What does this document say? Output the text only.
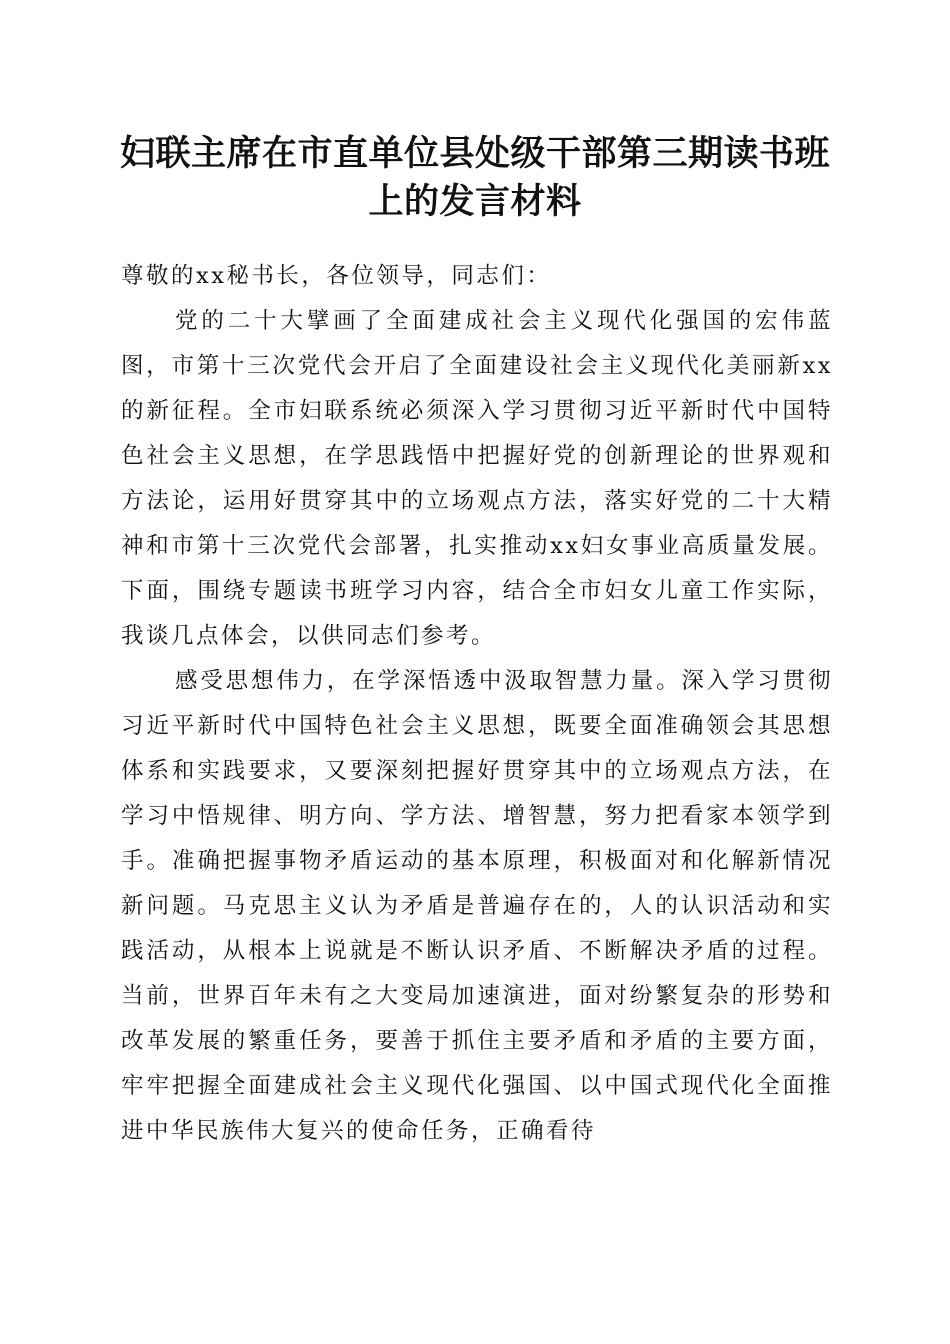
妇联主席在市直单位县处级干部第三期读书班
上的发言材料

尊敬的xx秘书长，各位领导，同志们：

党的二十大擘画了全面建成社会主义现代化强国的宏伟蓝图，市第十三次党代会开启了全面建设社会主义现代化美丽新xx的新征程。全市妇联系统必须深入学习贯彻习近平新时代中国特色社会主义思想，在学思践悟中把握好党的创新理论的世界观和方法论，运用好贯穿其中的立场观点方法，落实好党的二十大精神和市第十三次党代会部署，扎实推动xx妇女事业高质量发展。下面，围绕专题读书班学习内容，结合全市妇女儿童工作实际，我谈几点体会，以供同志们参考。

感受思想伟力，在学深悟透中汲取智慧力量。深入学习贯彻习近平新时代中国特色社会主义思想，既要全面准确领会其思想体系和实践要求，又要深刻把握好贯穿其中的立场观点方法，在学习中悟规律、明方向、学方法、增智慧，努力把看家本领学到手。准确把握事物矛盾运动的基本原理，积极面对和化解新情况新问题。马克思主义认为矛盾是普遍存在的，人的认识活动和实践活动，从根本上说就是不断认识矛盾、不断解决矛盾的过程。当前，世界百年未有之大变局加速演进，面对纷繁复杂的形势和改革发展的繁重任务，要善于抓住主要矛盾和矛盾的主要方面，牢牢把握全面建成社会主义现代化强国、以中国式现代化全面推进中华民族伟大复兴的使命任务，正确看待
